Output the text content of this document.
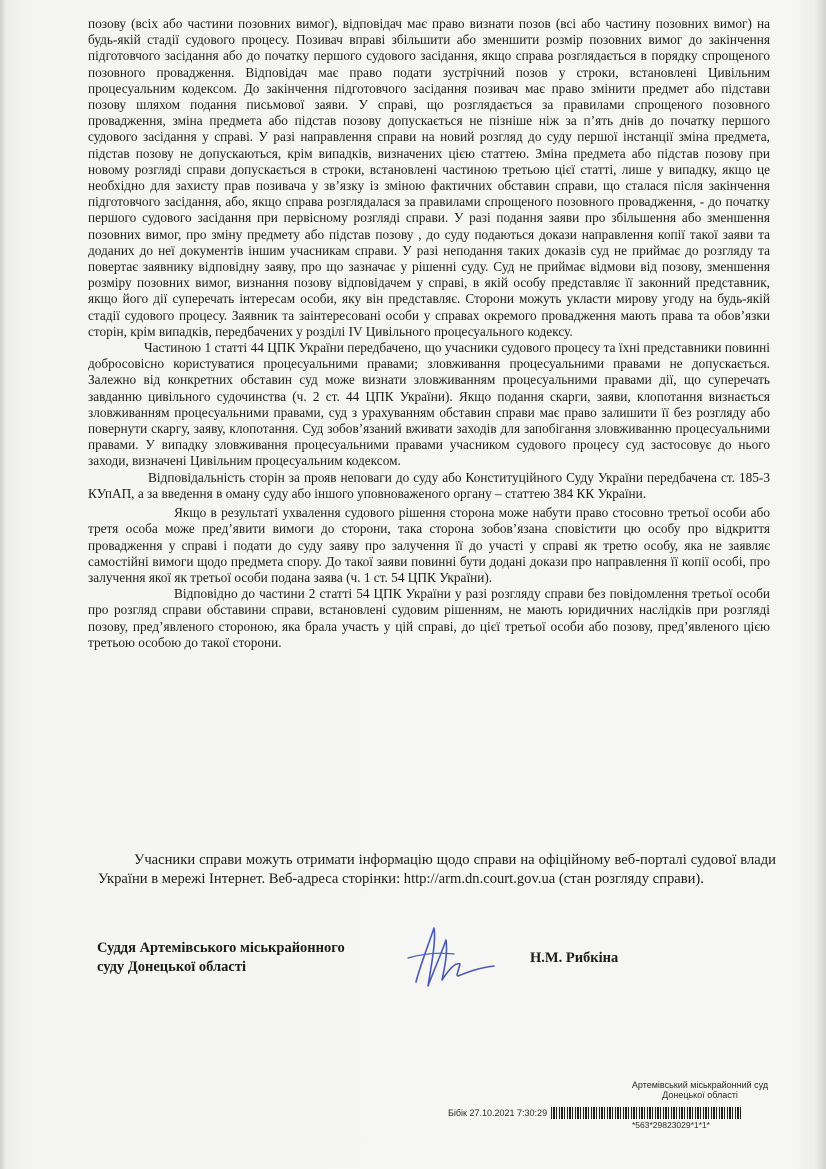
позову (всіх або частини позовних вимог), відповідач має право визнати позов (всі або частину позовних вимог) на будь-якій стадії судового процесу. Позивач вправі збільшити або зменшити розмір позовних вимог до закінчення підготовчого засідання або до початку першого судового засідання, якщо справа розглядається в порядку спрощеного позовного провадження. Відповідач має право подати зустрічний позов у строки, встановлені Цивільним процесуальним кодексом. До закінчення підготовчого засідання позивач має право змінити предмет або підстави позову шляхом подання письмової заяви. У справі, що розглядається за правилами спрощеного позовного провадження, зміна предмета або підстав позову допускається не пізніше ніж за п’ять днів до початку першого судового засідання у справі. У разі направлення справи на новий розгляд до суду першої інстанції зміна предмета, підстав позову не допускаються, крім випадків, визначених цією статтею. Зміна предмета або підстав позову при новому розгляді справи допускається в строки, встановлені частиною третьою цієї статті, лише у випадку, якщо це необхідно для захисту прав позивача у зв’язку із зміною фактичних обставин справи, що сталася після закінчення підготовчого засідання, або, якщо справа розглядалася за правилами спрощеного позовного провадження, - до початку першого судового засідання при первісному розгляді справи. У разі подання заяви про збільшення або зменшення позовних вимог, про зміну предмету або підстав позову , до суду подаються докази направлення копії такої заяви та доданих до неї документів іншим учасникам справи. У разі неподання таких доказів суд не приймає до розгляду та повертає заявнику відповідну заяву, про що зазначає у рішенні суду. Суд не приймає відмови від позову, зменшення розміру позовних вимог, визнання позову відповідачем у справі, в якій особу представляє її законний представник, якщо його дії суперечать інтересам особи, яку він представляє. Сторони можуть укласти мирову угоду на будь-якій стадії судового процесу. Заявник та заінтересовані особи у справах окремого провадження мають права та обов’язки сторін, крім випадків, передбачених у розділі IV Цивільного процесуального кодексу.

Частиною 1 статті 44 ЦПК України передбачено, що учасники судового процесу та їхні представники повинні добросовісно користуватися процесуальними правами; зловживання процесуальними правами не допускається. Залежно від конкретних обставин суд може визнати зловживанням процесуальними правами дії, що суперечать завданню цивільного судочинства (ч. 2 ст. 44 ЦПК України). Якщо подання скарги, заяви, клопотання визнається зловживанням процесуальними правами, суд з урахуванням обставин справи має право залишити її без розгляду або повернути скаргу, заяву, клопотання. Суд зобов’язаний вживати заходів для запобігання зловживанню процесуальними правами. У випадку зловживання процесуальними правами учасником судового процесу суд застосовує до нього заходи, визначені Цивільним процесуальним кодексом.

Відповідальність сторін за прояв неповаги до суду або Конституційного Суду України передбачена ст. 185-3 КУпАП, а за введення в оману суду або іншого уповноваженого органу – статтею 384 КК України.

Якщо в результаті ухвалення судового рішення сторона може набути право стосовно третьої особи або третя особа може пред’явити вимоги до сторони, така сторона зобов’язана сповістити цю особу про відкриття провадження у справі і подати до суду заяву про залучення її до участі у справі як третю особу, яка не заявляє самостійні вимоги щодо предмета спору. До такої заяви повинні бути додані докази про направлення її копії особі, про залучення якої як третьої особи подана заява (ч. 1 ст. 54 ЦПК України).

Відповідно до частини 2 статті 54 ЦПК України у разі розгляду справи без повідомлення третьої особи про розгляд справи обставини справи, встановлені судовим рішенням, не мають юридичних наслідків при розгляді позову, пред’явленого стороною, яка брала участь у цій справі, до цієї третьої особи або позову, пред’явленого цією третьою особою до такої сторони.

Учасники справи можуть отримати інформацію щодо справи на офіційному веб-порталі судової влади України в мережі Інтернет. Веб-адреса сторінки: http://arm.dn.court.gov.ua (стан розгляду справи).

Суддя Артемівського міськрайонного
суду Донецької області
Н.М. Рибкіна
Артемівський міськрайонний суд
Донецької області
Бібік 27.10.2021 7:30:29
*563*29823029*1*1*
